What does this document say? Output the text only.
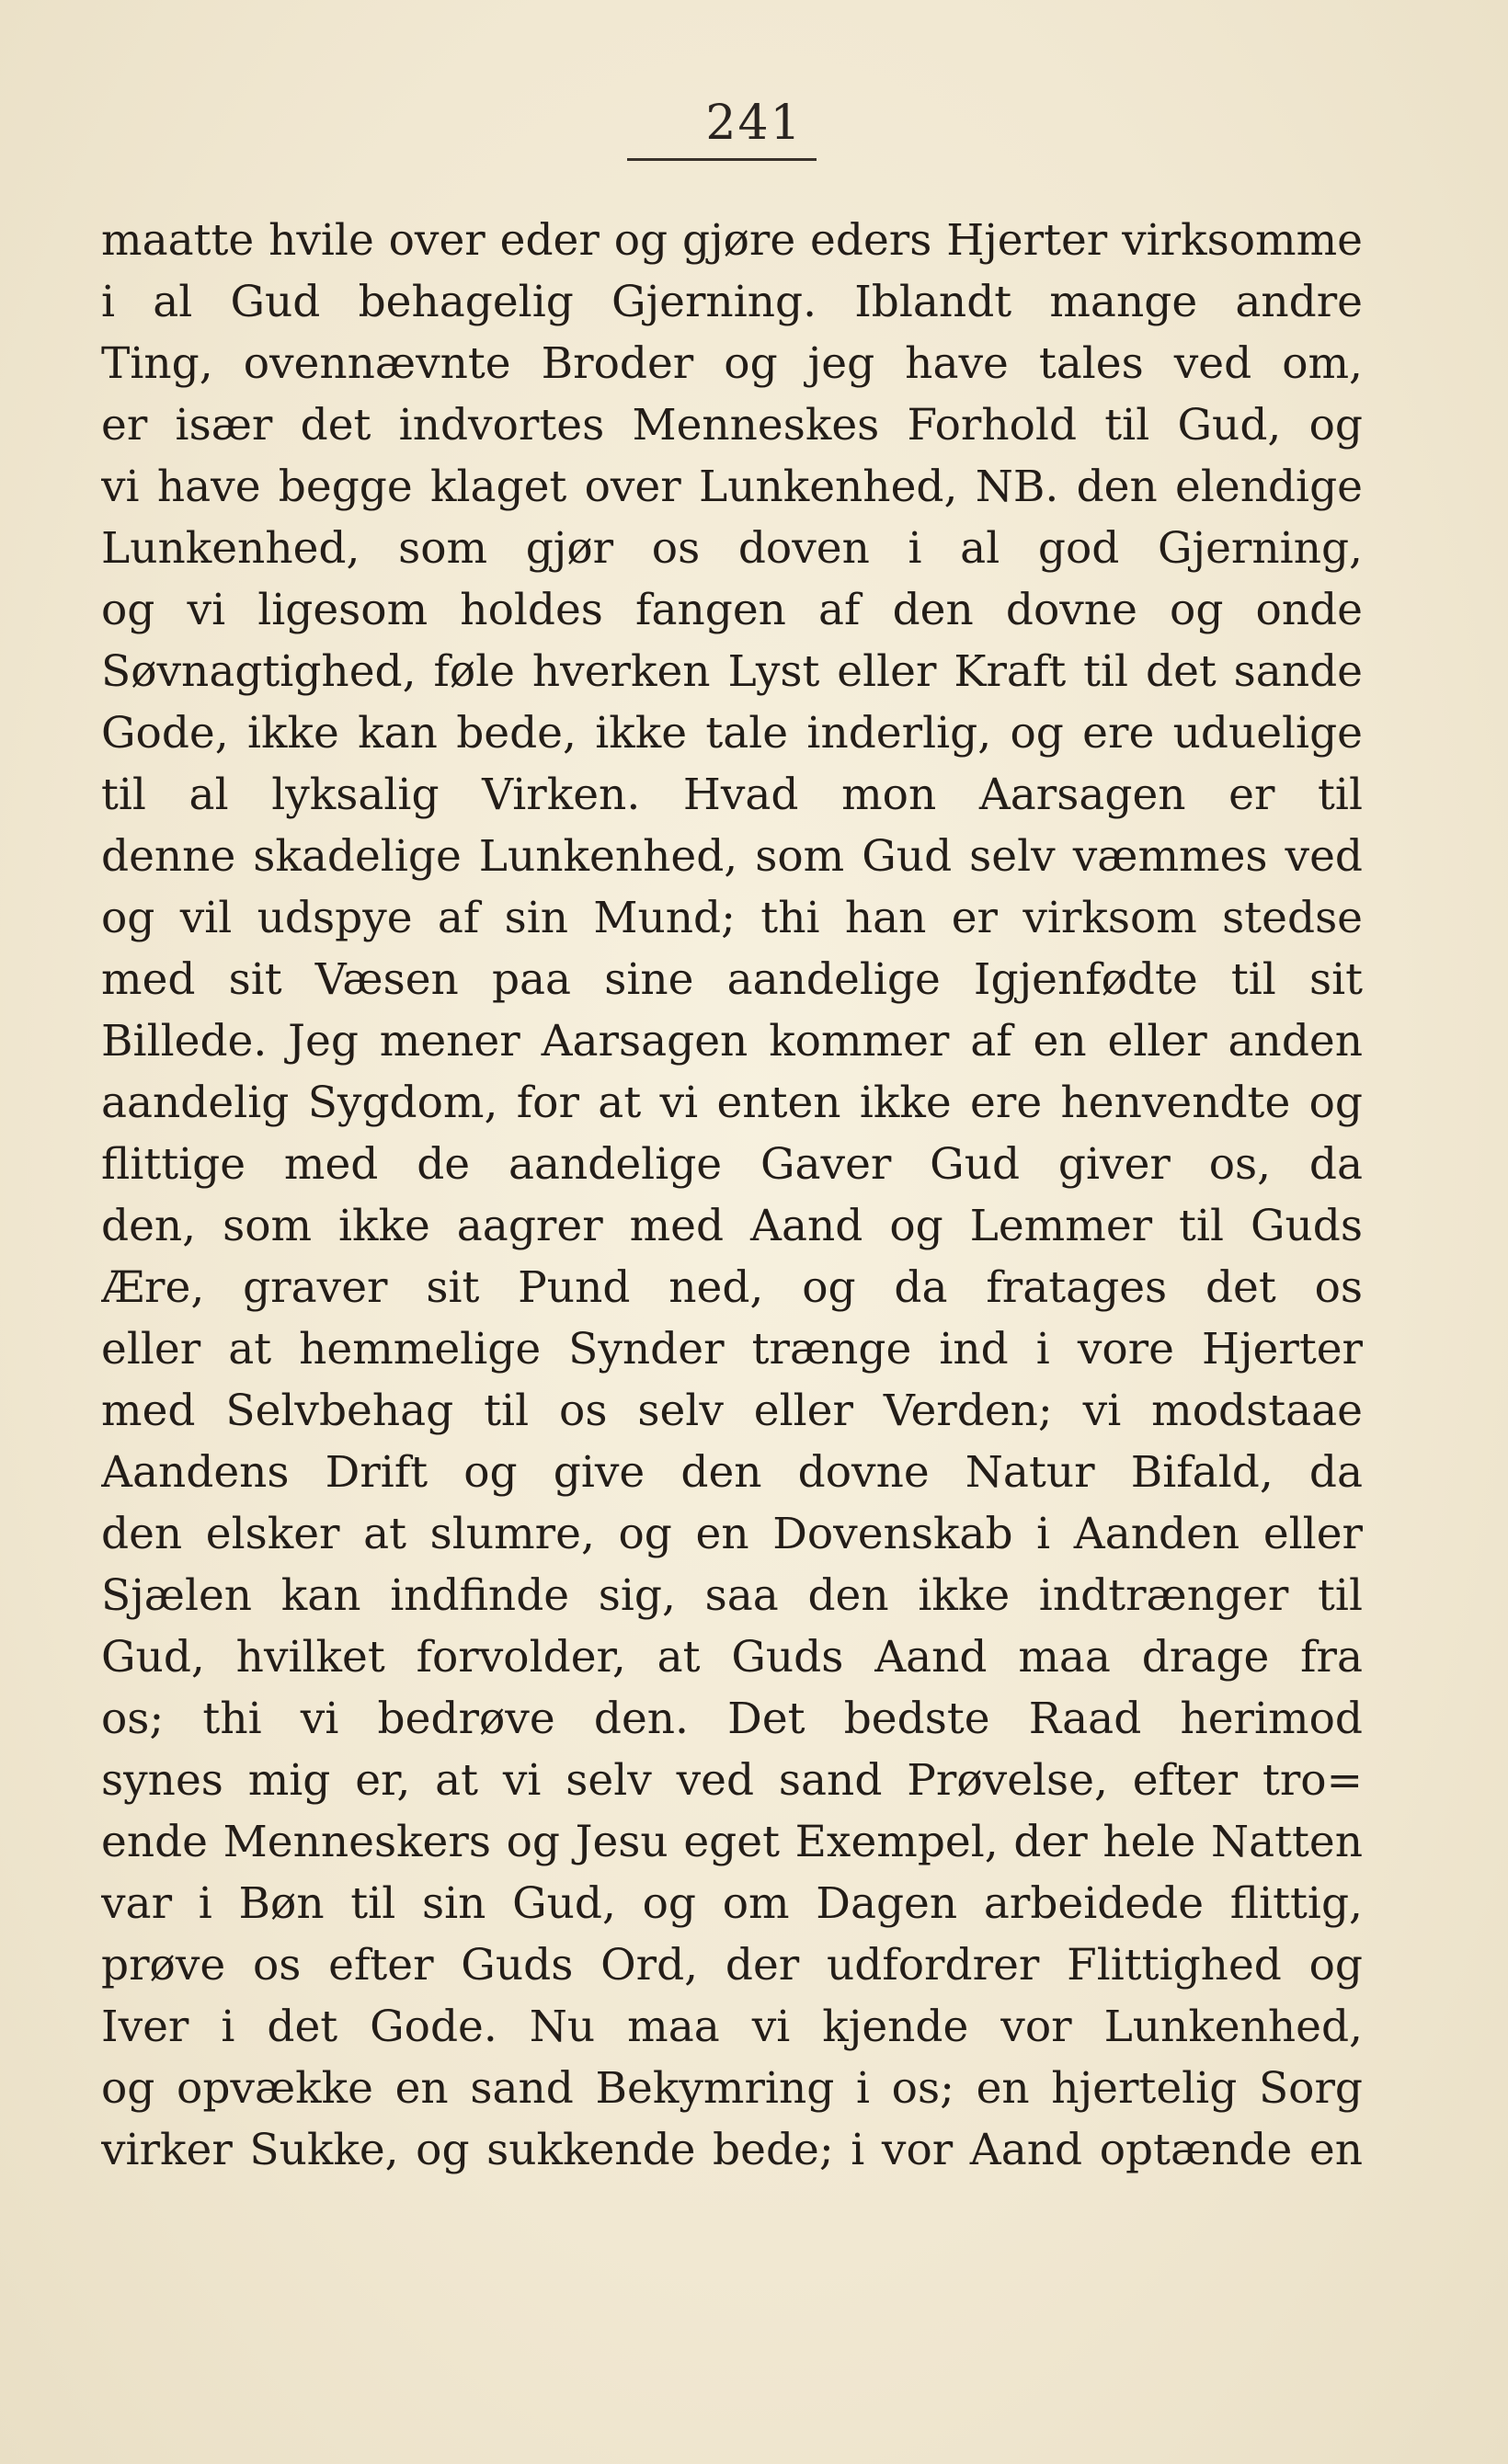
241
maatte hvile over eder og gjøre eders Hjerter virksomme
i al Gud behagelig Gjerning. Iblandt mange andre
Ting, ovennævnte Broder og jeg have tales ved om,
er især det indvortes Menneskes Forhold til Gud, og
vi have begge klaget over Lunkenhed, NB. den elendige
Lunkenhed, som gjør os doven i al god Gjerning,
og vi ligesom holdes fangen af den dovne og onde
Søvnagtighed, føle hverken Lyst eller Kraft til det sande
Gode, ikke kan bede, ikke tale inderlig, og ere uduelige
til al lyksalig Virken. Hvad mon Aarsagen er til
denne skadelige Lunkenhed, som Gud selv væmmes ved
og vil udspye af sin Mund; thi han er virksom stedse
med sit Væsen paa sine aandelige Igjenfødte til sit
Billede. Jeg mener Aarsagen kommer af en eller anden
aandelig Sygdom, for at vi enten ikke ere henvendte og
flittige med de aandelige Gaver Gud giver os, da
den, som ikke aagrer med Aand og Lemmer til Guds
Ære, graver sit Pund ned, og da fratages det os
eller at hemmelige Synder trænge ind i vore Hjerter
med Selvbehag til os selv eller Verden; vi modstaae
Aandens Drift og give den dovne Natur Bifald, da
den elsker at slumre, og en Dovenskab i Aanden eller
Sjælen kan indfinde sig, saa den ikke indtrænger til
Gud, hvilket forvolder, at Guds Aand maa drage fra
os; thi vi bedrøve den. Det bedste Raad herimod
synes mig er, at vi selv ved sand Prøvelse, efter tro=
ende Menneskers og Jesu eget Exempel, der hele Natten
var i Bøn til sin Gud, og om Dagen arbeidede flittig,
prøve os efter Guds Ord, der udfordrer Flittighed og
Iver i det Gode. Nu maa vi kjende vor Lunkenhed,
og opvække en sand Bekymring i os; en hjertelig Sorg
virker Sukke, og sukkende bede; i vor Aand optænde en
